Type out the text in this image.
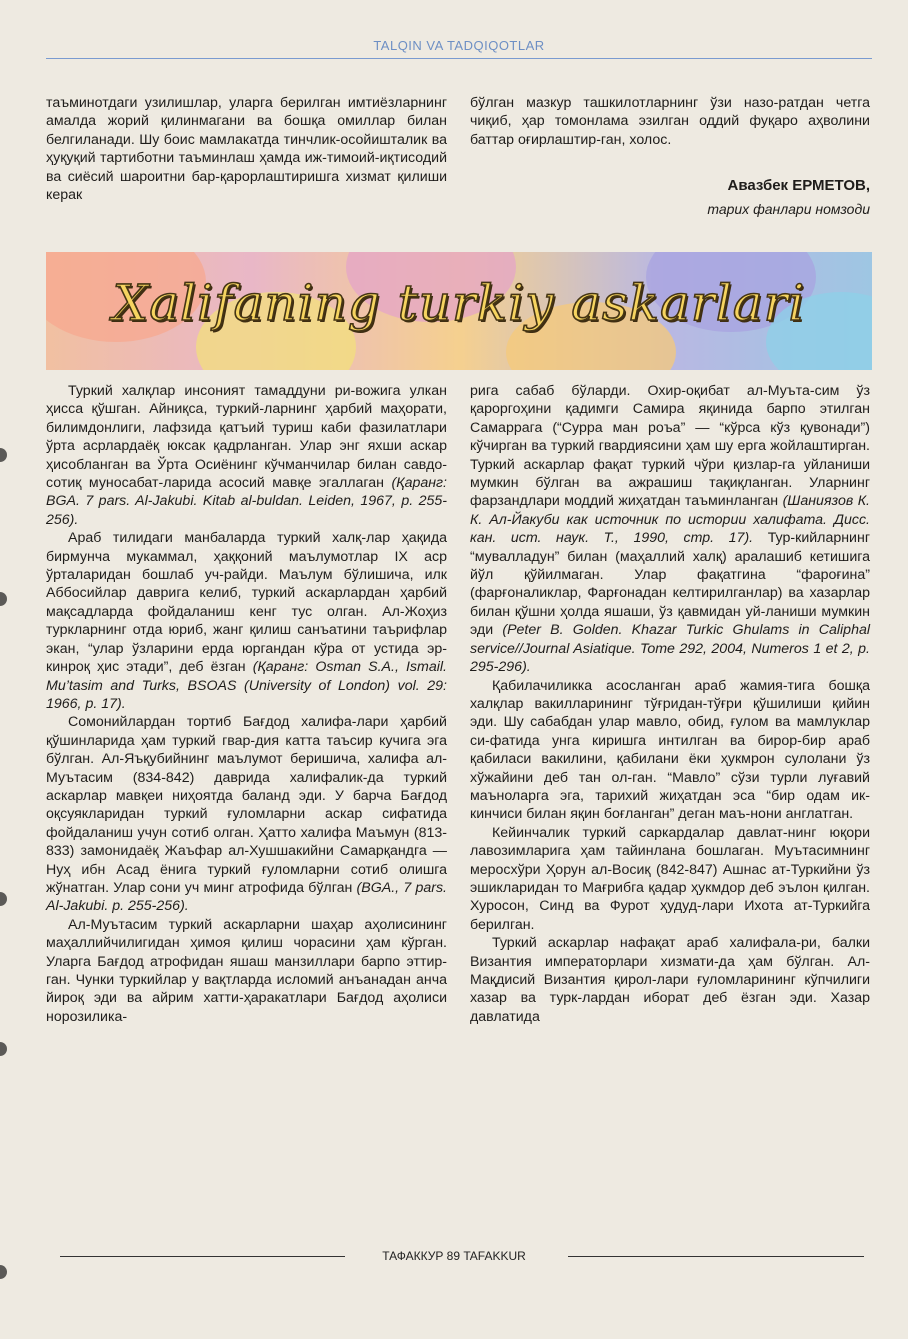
TALQIN VA TADQIQOTLAR

таъминотдаги узилишлар, уларга берилган имтиёзларнинг амалда жорий қилинмагани ва бошқа омиллар билан белгиланади. Шу боис мамлакатда тинчлик-осойишталик ва ҳуқуқий тартиботни таъминлаш ҳамда иж-тимоий-иқтисодий ва сиёсий шароитни бар-қарорлаштиришга хизмат қилиши керак

бўлган мазкур ташкилотларнинг ўзи назо-ратдан четга чиқиб, ҳар томонлама эзилган оддий фуқаро аҳволини баттар оғирлаштир-ган, холос.

Авазбек ЕРМЕТОВ,
тарих фанлари номзоди
Xalifaning turkiy askarlari

Туркий халқлар инсоният тамаддуни ри-вожига улкан ҳисса қўшган. Айниқса, туркий-ларнинг ҳарбий маҳорати, билимдонлиги, лафзида қатъий туриш каби фазилатлари ўрта асрлардаёқ юксак қадрланган. Улар энг яхши аскар ҳисобланган ва Ўрта Осиёнинг кўчманчилар билан савдо-сотиқ муносабат-ларида асосий мавқе эгаллаган (Қаранг: BGA. 7 pars. Al-Jakubi. Kitab al-buldan. Leiden, 1967, p. 255-256).

Араб тилидаги манбаларда туркий халқ-лар ҳақида бирмунча мукаммал, ҳаққоний маълумотлар IX аср ўрталаридан бошлаб уч-райди. Маълум бўлишича, илк Аббосийлар даврига келиб, туркий аскарлардан ҳарбий мақсадларда фойдаланиш кенг тус олган. Ал-Жоҳиз туркларнинг отда юриб, жанг қилиш санъатини таърифлар экан, “улар ўзларини ерда юргандан кўра от устида эр-кинроқ ҳис этади”, деб ёзган (Қаранг: Osman S.A., Ismail. Mu’tasim and Turks, BSOAS (University of London) vol. 29: 1966, p. 17).

Сомонийлардан тортиб Бағдод халифа-лари ҳарбий қўшинларида ҳам туркий гвар-дия катта таъсир кучига эга бўлган. Ал-Яъқубийнинг маълумот беришича, халифа ал-Муътасим (834-842) даврида халифалик-да туркий аскарлар мавқеи ниҳоятда баланд эди. У барча Бағдод оқсуякларидан туркий ғуломларни аскар сифатида фойдаланиш учун сотиб олган. Ҳатто халифа Маъмун (813-833) замонидаёқ Жаъфар ал-Хушшакийни Самарқандга — Нуҳ ибн Асад ёнига туркий ғуломларни сотиб олишга жўнатган. Улар сони уч минг атрофида бўлган (BGA., 7 pars. Al-Jakubi. p. 255-256).

Ал-Муътасим туркий аскарларни шаҳар аҳолисининг маҳаллийчилигидан ҳимоя қилиш чорасини ҳам кўрган. Уларга Бағдод атрофидан яшаш манзиллари барпо эттир-ган. Чунки туркийлар у вақтларда исломий анъанадан анча йироқ эди ва айрим хатти-ҳаракатлари Бағдод аҳолиси норозилика-

рига сабаб бўларди. Охир-оқибат ал-Муъта-сим ўз қароргоҳини қадимги Самира яқинида барпо этилган Самаррага (“Сурра ман роъа” — “кўрса кўз қувонади”) кўчирган ва туркий гвардиясини ҳам шу ерга жойлаштирган. Туркий аскарлар фақат туркий чўри қизлар-га уйланиши мумкин бўлган ва ажрашиш тақиқланган. Уларнинг фарзандлари моддий жиҳатдан таъминланган (Шаниязов К. К. Ал-Йакуби как источник по истории халифата. Дисс. кан. ист. наук. Т., 1990, стр. 17). Тур-кийларнинг “мувалладун” билан (маҳаллий халқ) аралашиб кетишига йўл қўйилмаган. Улар фақатгина “фароғина” (фарғоналиклар, Фарғонадан келтирилганлар) ва хазарлар билан қўшни ҳолда яшаши, ўз қавмидан уй-ланиши мумкин эди (Peter B. Golden. Khazar Turkic Ghulams in Caliphal service//Journal Asiatique. Tome 292, 2004, Numeros 1 et 2, p. 295-296).

Қабилачиликка асосланган араб жамия-тига бошқа халқлар вакилларининг тўғридан-тўғри қўшилиши қийин эди. Шу сабабдан улар мавло, обид, ғулом ва мамлуклар си-фатида унга киришга интилган ва бирор-бир араб қабиласи вакилини, қабилани ёки ҳукмрон сулолани ўз хўжайини деб тан ол-ган. “Мавло” сўзи турли луғавий маъноларга эга, тарихий жиҳатдан эса “бир одам ик-кинчиси билан яқин боғланган” деган маъ-нони англатган.

Кейинчалик туркий саркардалар давлат-нинг юқори лавозимларига ҳам тайинлана бошлаган. Муътасимнинг меросхўри Ҳорун ал-Восиқ (842-847) Ашнас ат-Туркийни ўз эшикларидан то Мағрибга қадар ҳукмдор деб эълон қилган. Хуросон, Синд ва Фурот ҳудуд-лари Ихота ат-Туркийга берилган.

Туркий аскарлар нафақат араб халифала-ри, балки Византия императорлари хизмати-да ҳам бўлган. Ал-Мақдисий Византия қирол-лари ғуломларининг кўпчилиги хазар ва турк-лардан иборат деб ёзган эди. Хазар давлатида

ТАФАККУР 89 TAFAKKUR
